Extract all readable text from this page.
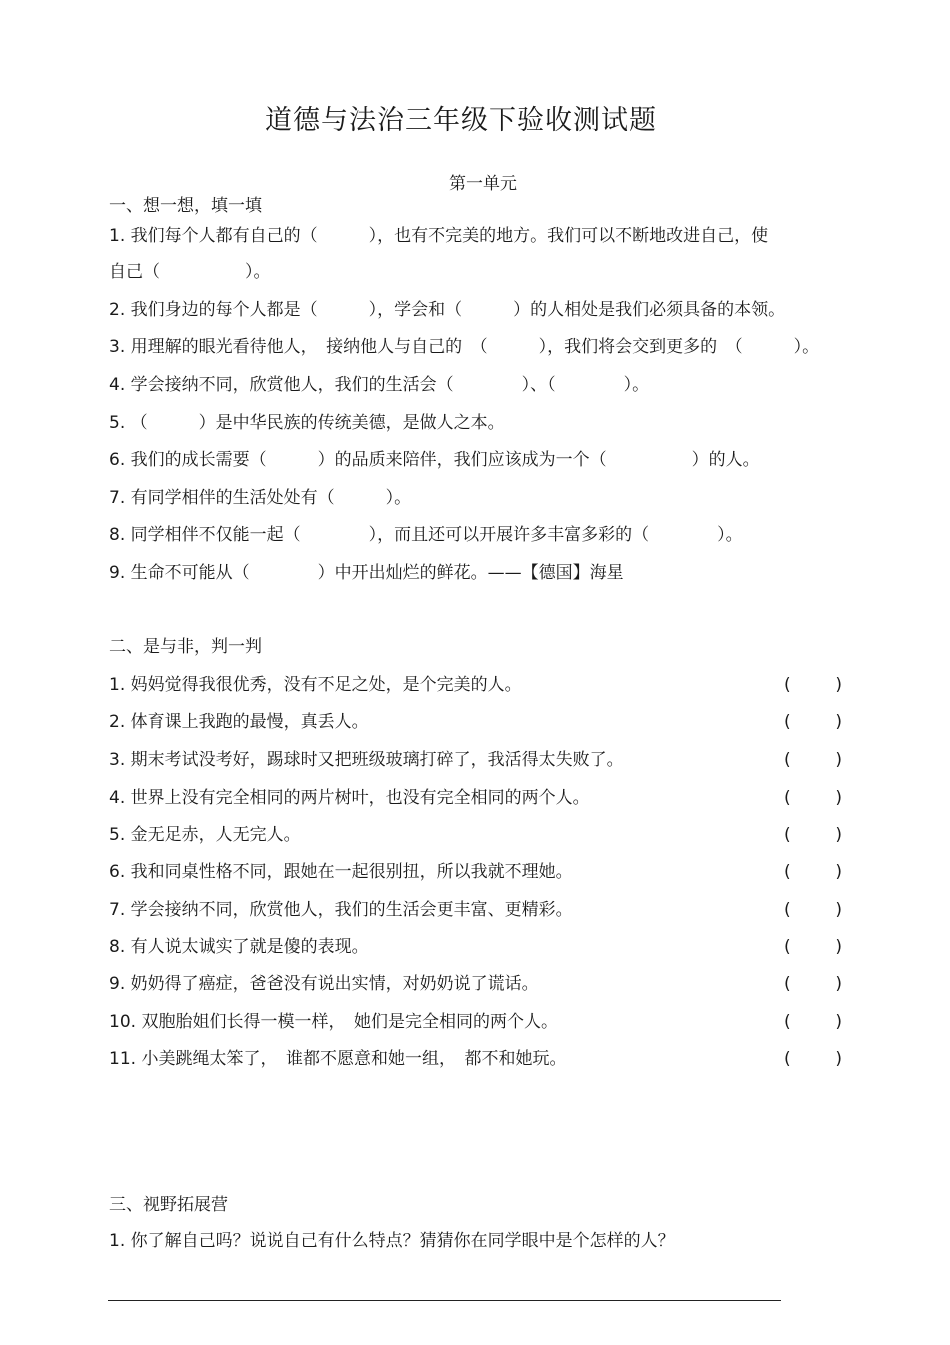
道德与法治三年级下验收测试题
第一单元
一、想一想，填一填
1. 我们每个人都有自己的（　　　），也有不完美的地方。我们可以不断地改进自己，使
自己（　　　　　）。
2. 我们身边的每个人都是（　　　），学会和（　　　）的人相处是我们必须具备的本领。
3. 用理解的眼光看待他人，　接纳他人与自己的　（　　　），我们将会交到更多的　（　　　）。
4. 学会接纳不同，欣赏他人，我们的生活会（　　　　）、（　　　　）。
5. （　　　）是中华民族的传统美德，是做人之本。
6. 我们的成长需要（　　　）的品质来陪伴，我们应该成为一个（　　　　　）的人。
7. 有同学相伴的生活处处有（　　　）。
8. 同学相伴不仅能一起（　　　　），而且还可以开展许多丰富多彩的（　　　　）。
9. 生命不可能从（　　　　）中开出灿烂的鲜花。——【德国】海星
二、是与非，判一判
1. 妈妈觉得我很优秀，没有不足之处，是个完美的人。	(	)
2. 体育课上我跑的最慢，真丢人。	(	)
3. 期末考试没考好，踢球时又把班级玻璃打碎了，我活得太失败了。	(	)
4. 世界上没有完全相同的两片树叶，也没有完全相同的两个人。	(	)
5. 金无足赤，人无完人。	(	)
6. 我和同桌性格不同，跟她在一起很别扭，所以我就不理她。	(	)
7. 学会接纳不同，欣赏他人，我们的生活会更丰富、更精彩。	(	)
8. 有人说太诚实了就是傻的表现。	(	)
9. 奶奶得了癌症，爸爸没有说出实情，对奶奶说了谎话。	(	)
10. 双胞胎姐们长得一模一样，　她们是完全相同的两个人。	(	)
11. 小美跳绳太笨了，　谁都不愿意和她一组，　都不和她玩。	(	)
三、视野拓展营
1. 你了解自己吗？说说自己有什么特点？猜猜你在同学眼中是个怎样的人？
